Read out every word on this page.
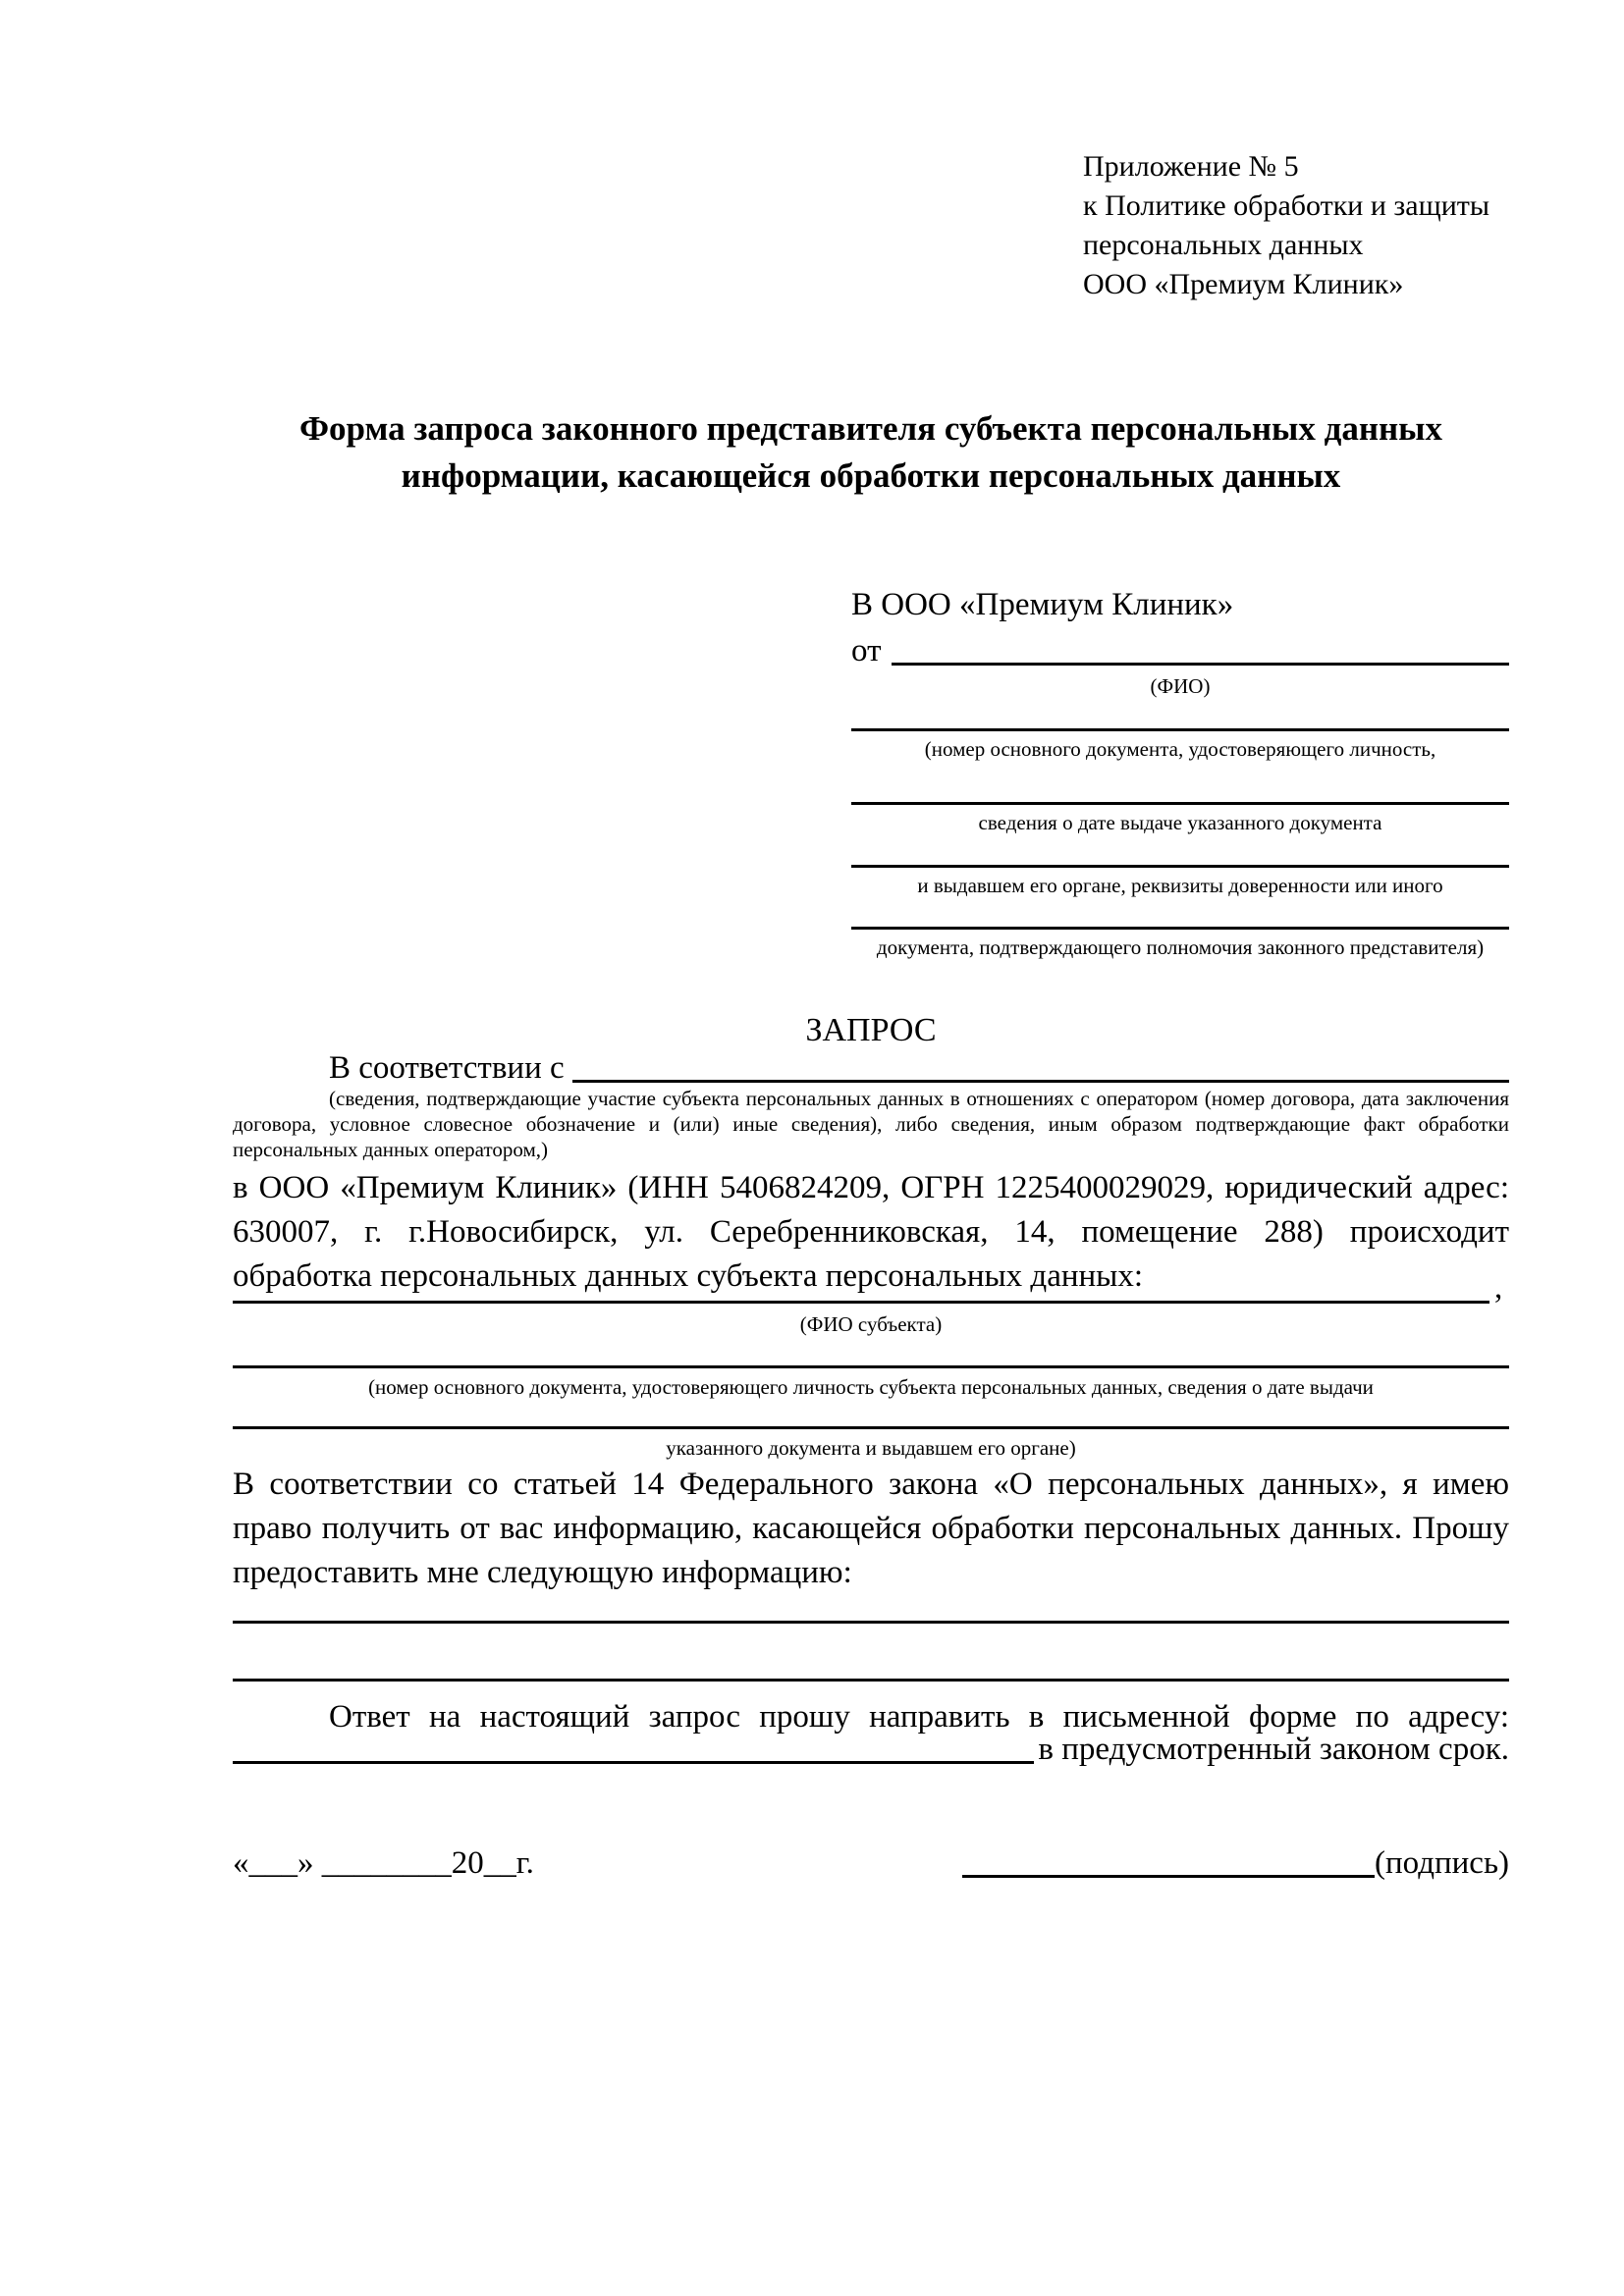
Приложение № 5
к Политике обработки и защиты
персональных данных
ООО «Премиум Клиник»
Форма запроса законного представителя субъекта персональных данных
информации, касающейся обработки персональных данных
В ООО «Премиум Клиник»
от
(ФИО)
(номер основного документа, удостоверяющего личность,
сведения о дате выдаче указанного документа
и выдавшем его органе, реквизиты доверенности или иного
документа, подтверждающего полномочия законного представителя)
ЗАПРОС
В соответствии с
(сведения, подтверждающие участие субъекта персональных данных в отношениях с оператором (номер договора, дата заключения договора, условное словесное обозначение и (или) иные сведения), либо сведения, иным образом подтверждающие факт обработки персональных данных оператором,)
в ООО «Премиум Клиник» (ИНН 5406824209, ОГРН 1225400029029, юридический адрес: 630007, г. г.Новосибирск, ул. Серебренниковская, 14, помещение 288) происходит обработка персональных данных субъекта персональных данных:	,
(ФИО субъекта)
(номер основного документа, удостоверяющего личность субъекта персональных данных, сведения о дате выдачи
указанного документа и выдавшем его органе)
В соответствии со статьей 14 Федерального закона «О персональных данных», я имею право получить от вас информацию, касающейся обработки персональных данных. Прошу предоставить мне следующую информацию:
Ответ на настоящий запрос прошу направить в письменной форме по адресу:
в предусмотренный законом срок.
«___» ________20__г.	(подпись)
